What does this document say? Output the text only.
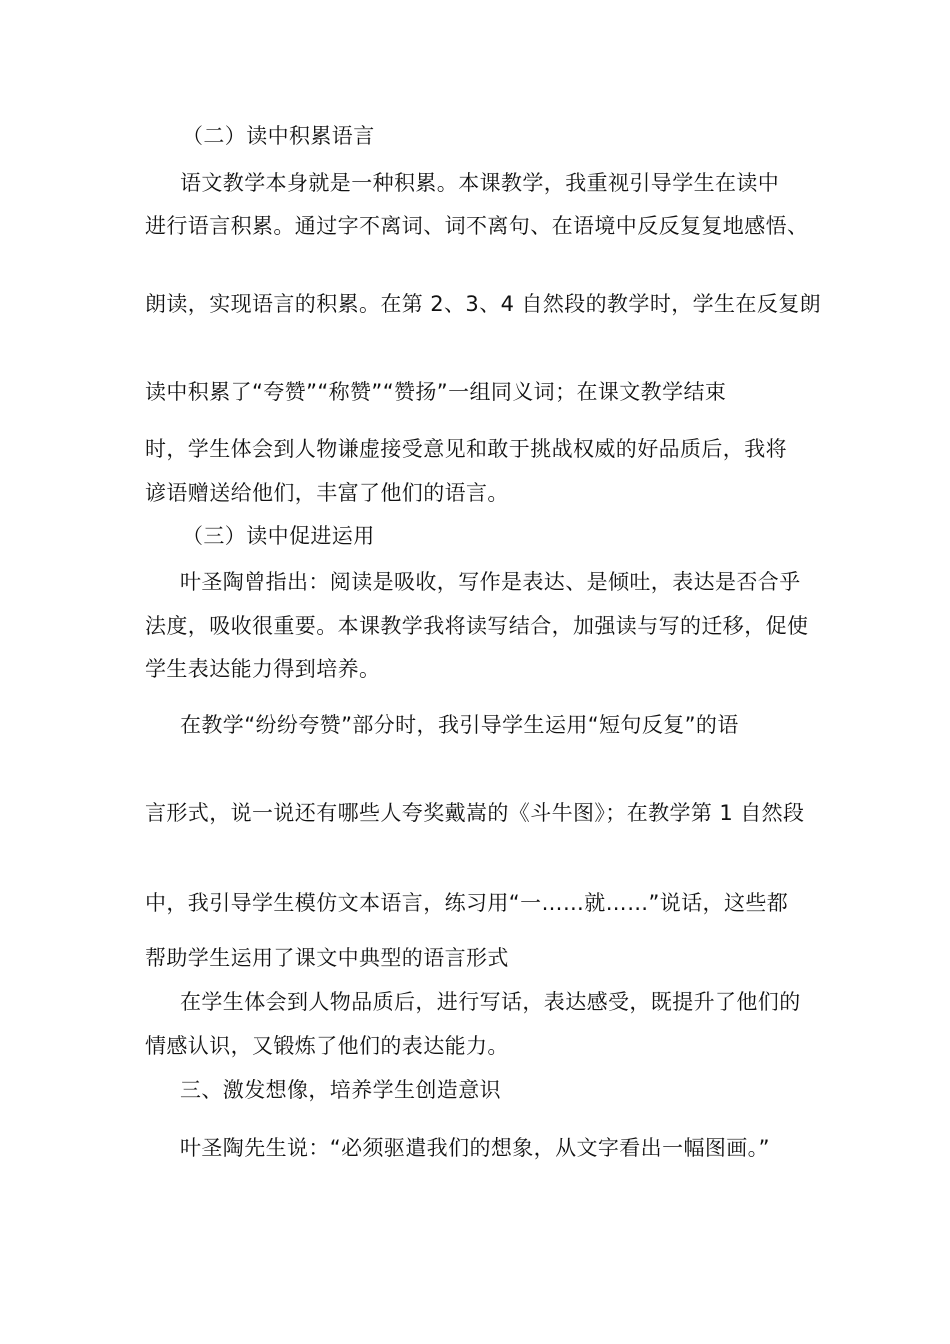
（二）读中积累语言
语文教学本身就是一种积累。本课教学，我重视引导学生在读中
进行语言积累。通过字不离词、词不离句、在语境中反反复复地感悟、
朗读，实现语言的积累。在第 2、3、4 自然段的教学时，学生在反复朗
读中积累了“夸赞”“称赞”“赞扬”一组同义词；在课文教学结束
时，学生体会到人物谦虚接受意见和敢于挑战权威的好品质后，我将
谚语赠送给他们，丰富了他们的语言。
（三）读中促进运用
叶圣陶曾指出：阅读是吸收，写作是表达、是倾吐，表达是否合乎
法度，吸收很重要。本课教学我将读写结合，加强读与写的迁移，促使
学生表达能力得到培养。
在教学“纷纷夸赞”部分时，我引导学生运用“短句反复”的语
言形式，说一说还有哪些人夸奖戴嵩的《斗牛图》；在教学第 1 自然段
中，我引导学生模仿文本语言，练习用“一……就……”说话，这些都
帮助学生运用了课文中典型的语言形式
在学生体会到人物品质后，进行写话，表达感受，既提升了他们的
情感认识，又锻炼了他们的表达能力。
三、激发想像，培养学生创造意识
叶圣陶先生说：“必须驱遣我们的想象，从文字看出一幅图画。”
